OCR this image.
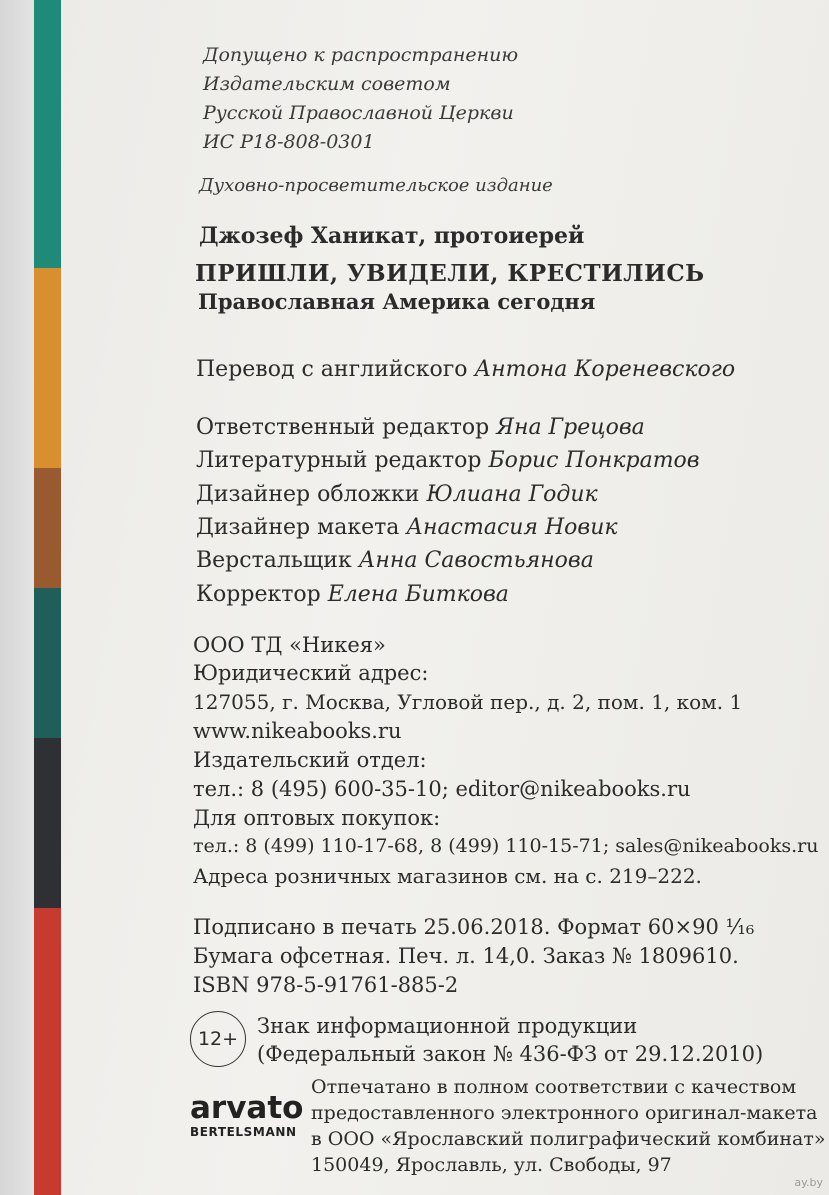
Допущено к распространению
Издательским советом
Русской Православной Церкви
ИС Р18-808-0301
Духовно-просветительское издание
Джозеф Ханикат, протоиерей
ПРИШЛИ, УВИДЕЛИ, КРЕСТИЛИСЬ
Православная Америка сегодня
Перевод с английского Антона Кореневского
Ответственный редактор Яна Грецова
Литературный редактор Борис Понкратов
Дизайнер обложки Юлиана Годик
Дизайнер макета Анастасия Новик
Верстальщик Анна Савостьянова
Корректор Елена Биткова
ООО ТД «Никея»
Юридический адрес:
127055, г. Москва, Угловой пер., д. 2, пом. 1, ком. 1
www.nikeabooks.ru
Издательский отдел:
тел.: 8 (495) 600-35-10; editor@nikeabooks.ru
Для оптовых покупок:
тел.: 8 (499) 110-17-68, 8 (499) 110-15-71; sales@nikeabooks.ru
Адреса розничных магазинов см. на с. 219–222.
Подписано в печать 25.06.2018. Формат 60×90 ¹⁄₁₆
Бумага офсетная. Печ. л. 14,0. Заказ № 1809610.
ISBN 978-5-91761-885-2
12+
Знак информационной продукции
(Федеральный закон № 436-ФЗ от 29.12.2010)
arvato
BERTELSMANN
Отпечатано в полном соответствии с качеством
предоставленного электронного оригинал-макета
в ООО «Ярославский полиграфический комбинат»
150049, Ярославль, ул. Свободы, 97
ay.by
